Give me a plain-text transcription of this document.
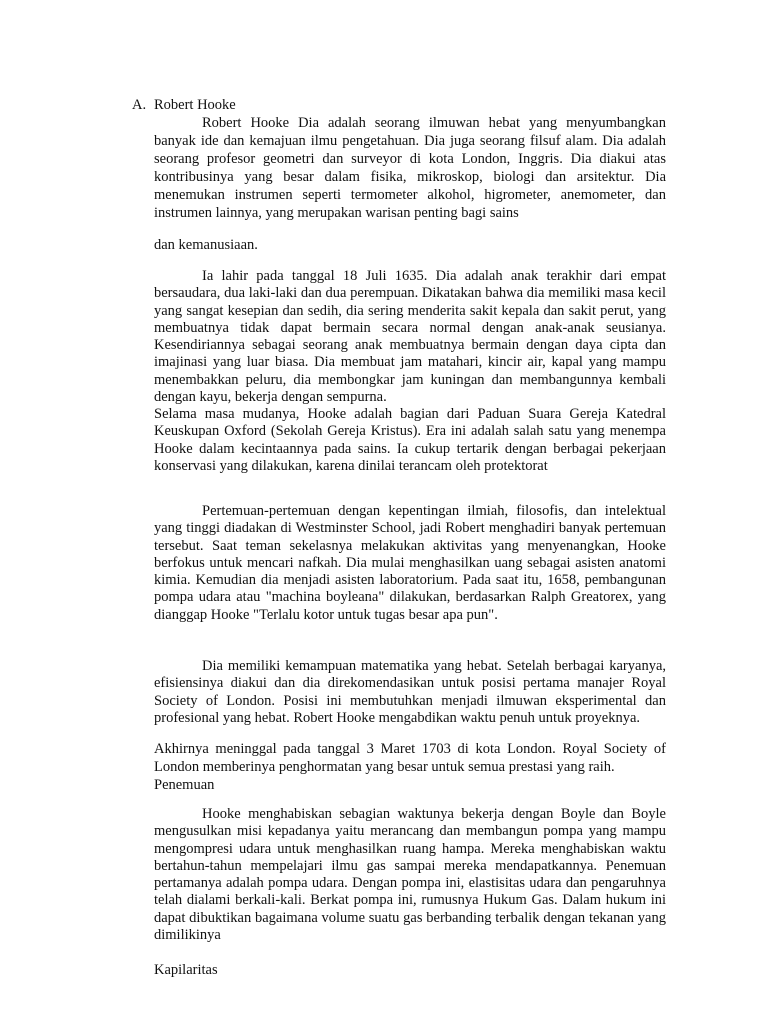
A. Robert Hooke

Robert Hooke Dia adalah seorang ilmuwan hebat yang menyumbangkan banyak ide dan kemajuan ilmu pengetahuan. Dia juga seorang filsuf alam. Dia adalah seorang profesor geometri dan surveyor di kota London, Inggris. Dia diakui atas kontribusinya yang besar dalam fisika, mikroskop, biologi dan arsitektur. Dia menemukan instrumen seperti termometer alkohol, higrometer, anemometer, dan instrumen lainnya, yang merupakan warisan penting bagi sains

dan kemanusiaan.

Ia lahir pada tanggal 18 Juli 1635. Dia adalah anak terakhir dari empat bersaudara, dua laki-laki dan dua perempuan. Dikatakan bahwa dia memiliki masa kecil yang sangat kesepian dan sedih, dia sering menderita sakit kepala dan sakit perut, yang membuatnya tidak dapat bermain secara normal dengan anak-anak seusianya. Kesendiriannya sebagai seorang anak membuatnya bermain dengan daya cipta dan imajinasi yang luar biasa. Dia membuat jam matahari, kincir air, kapal yang mampu menembakkan peluru, dia membongkar jam kuningan dan membangunnya kembali dengan kayu, bekerja dengan sempurna.

Selama masa mudanya, Hooke adalah bagian dari Paduan Suara Gereja Katedral Keuskupan Oxford (Sekolah Gereja Kristus). Era ini adalah salah satu yang menempa Hooke dalam kecintaannya pada sains. Ia cukup tertarik dengan berbagai pekerjaan konservasi yang dilakukan, karena dinilai terancam oleh protektorat

Pertemuan-pertemuan dengan kepentingan ilmiah, filosofis, dan intelektual yang tinggi diadakan di Westminster School, jadi Robert menghadiri banyak pertemuan tersebut. Saat teman sekelasnya melakukan aktivitas yang menyenangkan, Hooke berfokus untuk mencari nafkah. Dia mulai menghasilkan uang sebagai asisten anatomi kimia. Kemudian dia menjadi asisten laboratorium. Pada saat itu, 1658, pembangunan pompa udara atau "machina boyleana" dilakukan, berdasarkan Ralph Greatorex, yang dianggap Hooke "Terlalu kotor untuk tugas besar apa pun".

Dia memiliki kemampuan matematika yang hebat. Setelah berbagai karyanya, efisiensinya diakui dan dia direkomendasikan untuk posisi pertama manajer Royal Society of London. Posisi ini membutuhkan menjadi ilmuwan eksperimental dan profesional yang hebat. Robert Hooke mengabdikan waktu penuh untuk proyeknya.

Akhirnya meninggal pada tanggal 3 Maret 1703 di kota London. Royal Society of London memberinya penghormatan yang besar untuk semua prestasi yang raih.

Penemuan

Hooke menghabiskan sebagian waktunya bekerja dengan Boyle dan Boyle mengusulkan misi kepadanya yaitu merancang dan membangun pompa yang mampu mengompresi udara untuk menghasilkan ruang hampa. Mereka menghabiskan waktu bertahun-tahun mempelajari ilmu gas sampai mereka mendapatkannya. Penemuan pertamanya adalah pompa udara. Dengan pompa ini, elastisitas udara dan pengaruhnya telah dialami berkali-kali. Berkat pompa ini, rumusnya Hukum Gas. Dalam hukum ini dapat dibuktikan bagaimana volume suatu gas berbanding terbalik dengan tekanan yang dimilikinya

Kapilaritas
